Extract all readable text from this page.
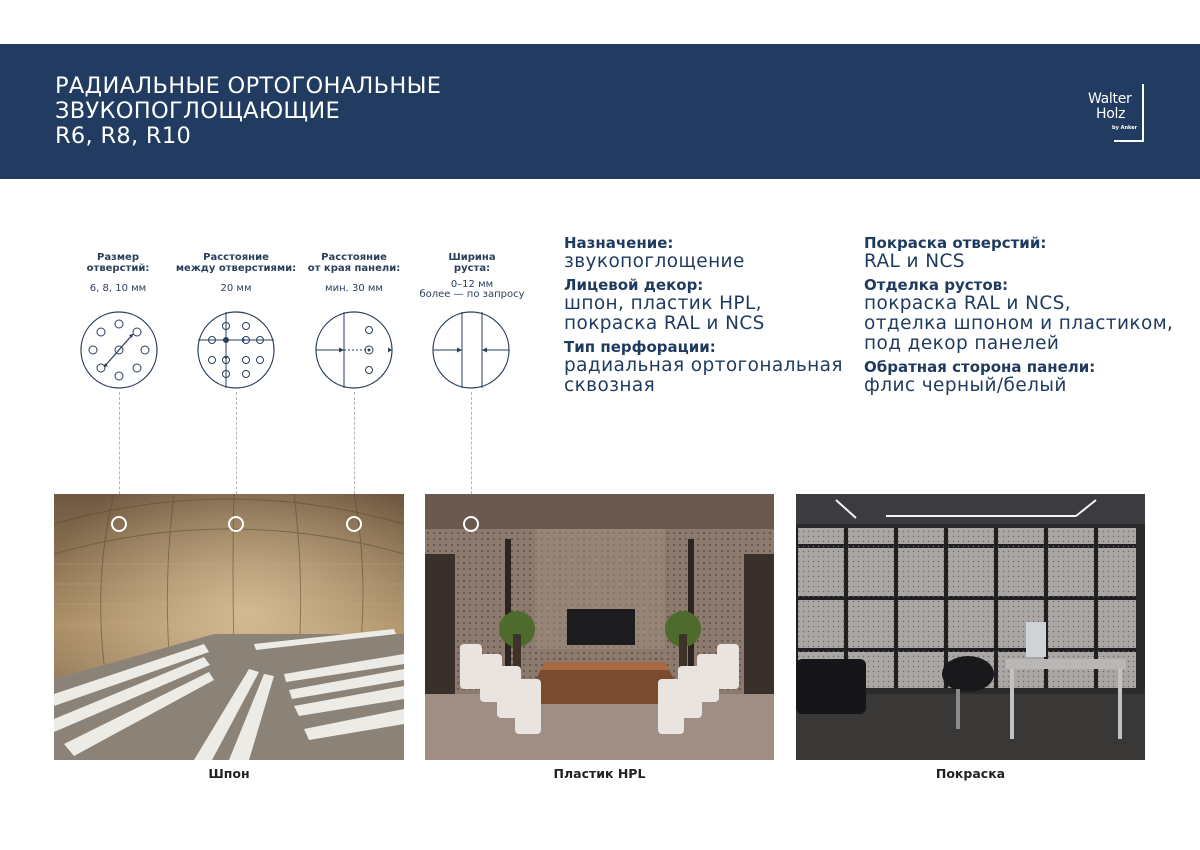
РАДИАЛЬНЫЕ ОРТОГОНАЛЬНЫЕ
ЗВУКОПОГЛОЩАЮЩИЕ
R6, R8, R10
Walter
Holz
by Anker
Размер
отверстий:
6, 8, 10 мм
Расстояние
между отверстиями:
20 мм
Расстояние
от края панели:
мин. 30 мм
Ширина
руста:
0–12 мм
более — по запросу
Назначение:
звукопоглощение
Лицевой декор:
шпон, пластик HPL,
покраска RAL и NCS
Тип перфорации:
радиальная ортогональная
сквозная
Покраска отверстий:
RAL и NCS
Отделка рустов:
покраска RAL и NCS,
отделка шпоном и пластиком,
под декор панелей
Обратная сторона панели:
флис черный/белый
Шпон	Пластик HPL	Покраска
